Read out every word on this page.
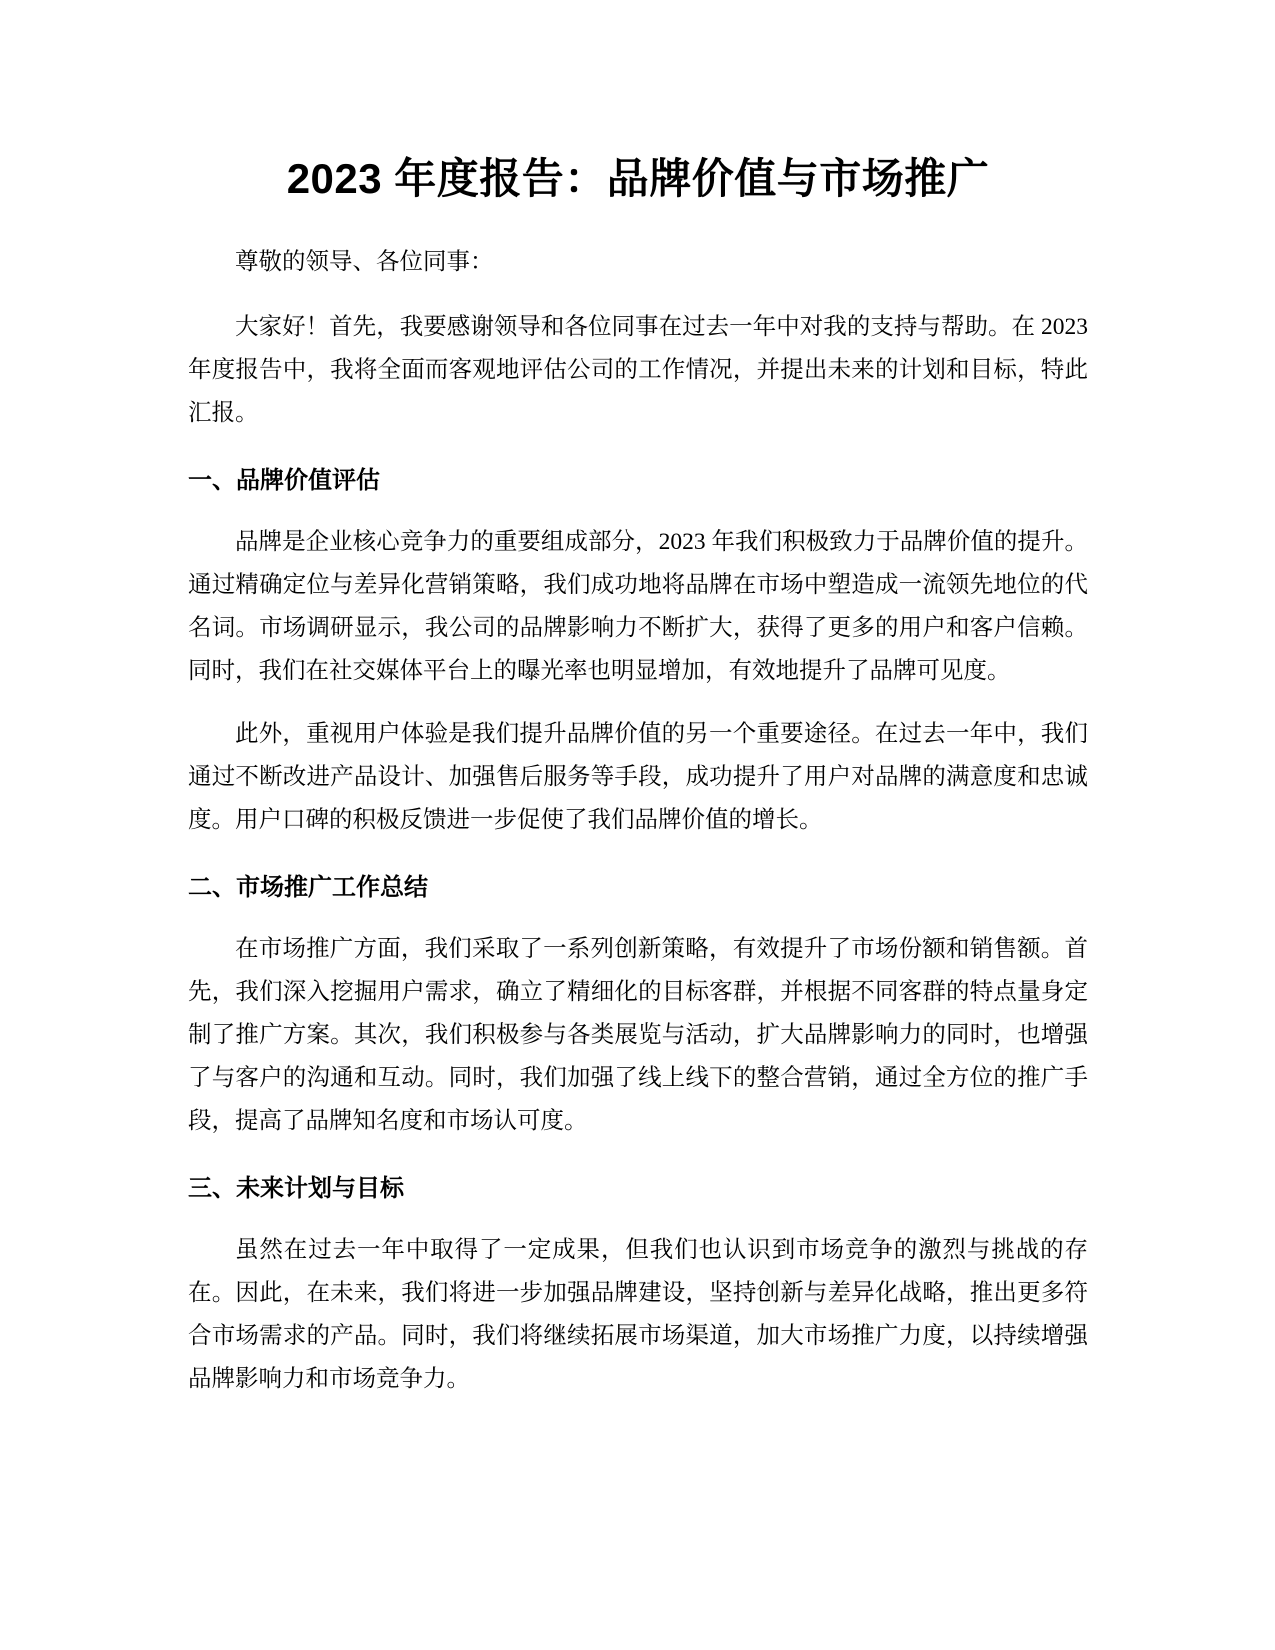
2023 年度报告：品牌价值与市场推广

尊敬的领导、各位同事：

大家好！首先，我要感谢领导和各位同事在过去一年中对我的支持与帮助。在 2023 年度报告中，我将全面而客观地评估公司的工作情况，并提出未来的计划和目标，特此汇报。

一、品牌价值评估

品牌是企业核心竞争力的重要组成部分，2023 年我们积极致力于品牌价值的提升。通过精确定位与差异化营销策略，我们成功地将品牌在市场中塑造成一流领先地位的代名词。市场调研显示，我公司的品牌影响力不断扩大，获得了更多的用户和客户信赖。同时，我们在社交媒体平台上的曝光率也明显增加，有效地提升了品牌可见度。

此外，重视用户体验是我们提升品牌价值的另一个重要途径。在过去一年中，我们通过不断改进产品设计、加强售后服务等手段，成功提升了用户对品牌的满意度和忠诚度。用户口碑的积极反馈进一步促使了我们品牌价值的增长。

二、市场推广工作总结

在市场推广方面，我们采取了一系列创新策略，有效提升了市场份额和销售额。首先，我们深入挖掘用户需求，确立了精细化的目标客群，并根据不同客群的特点量身定制了推广方案。其次，我们积极参与各类展览与活动，扩大品牌影响力的同时，也增强了与客户的沟通和互动。同时，我们加强了线上线下的整合营销，通过全方位的推广手段，提高了品牌知名度和市场认可度。

三、未来计划与目标

虽然在过去一年中取得了一定成果，但我们也认识到市场竞争的激烈与挑战的存在。因此，在未来，我们将进一步加强品牌建设，坚持创新与差异化战略，推出更多符合市场需求的产品。同时，我们将继续拓展市场渠道，加大市场推广力度，以持续增强品牌影响力和市场竞争力。
